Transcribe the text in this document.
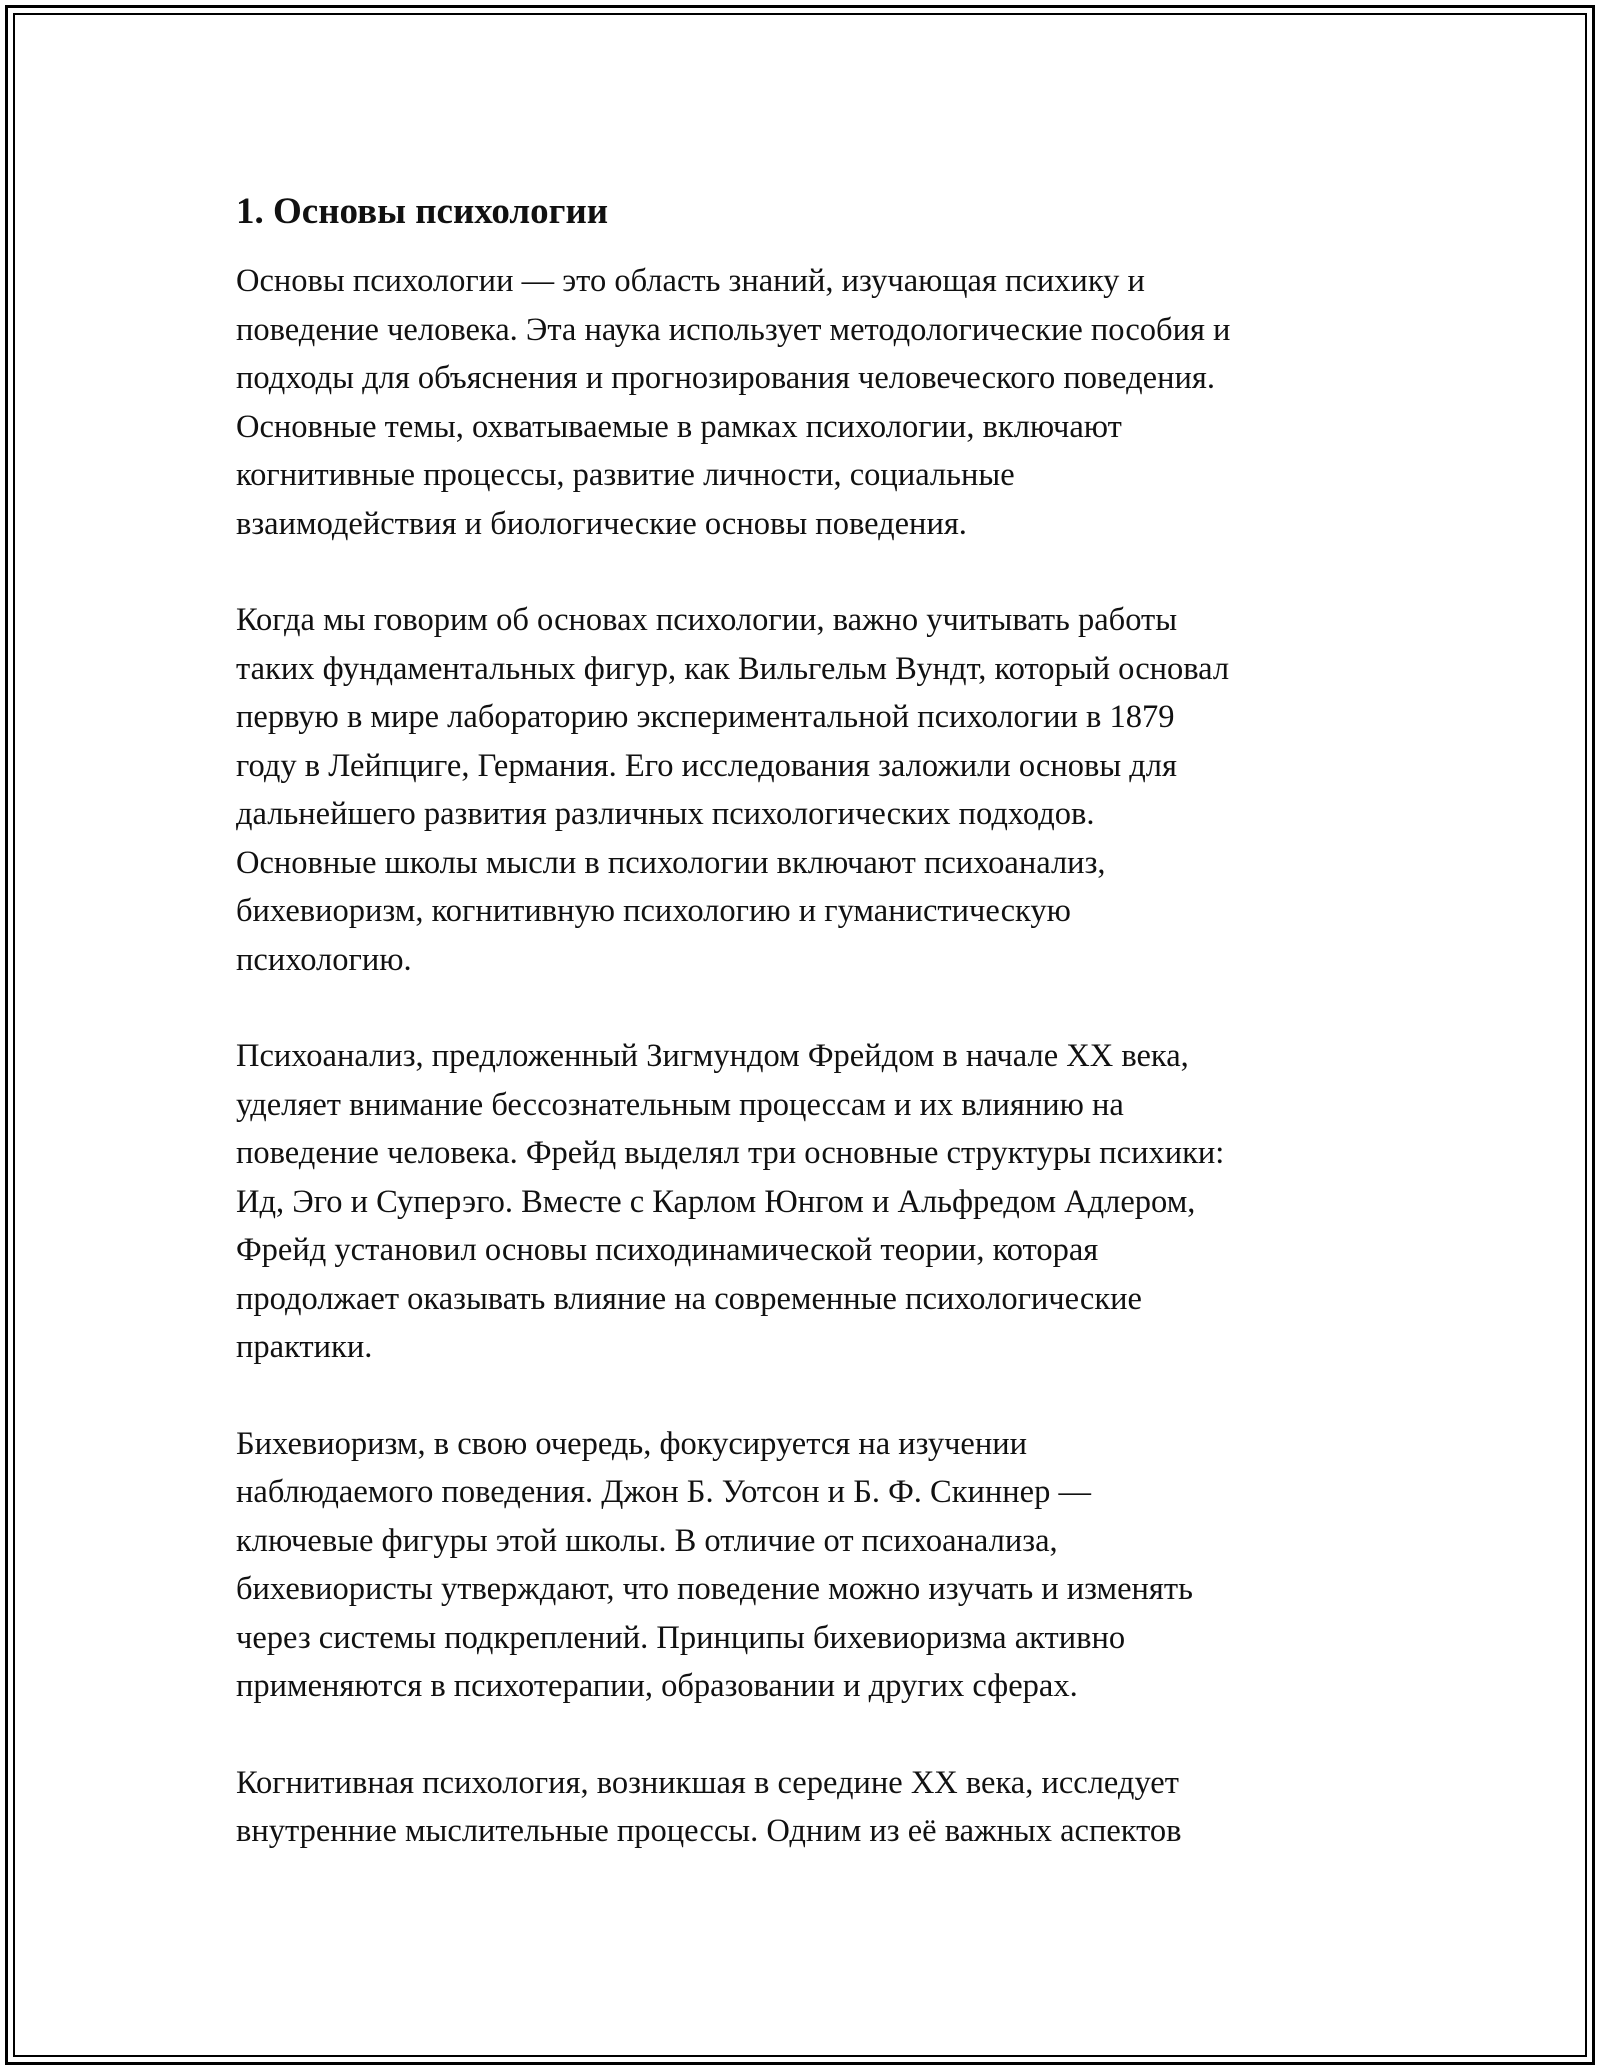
1. Основы психологии

Основы психологии — это область знаний, изучающая психику и
поведение человека. Эта наука использует методологические пособия и
подходы для объяснения и прогнозирования человеческого поведения.
Основные темы, охватываемые в рамках психологии, включают
когнитивные процессы, развитие личности, социальные
взаимодействия и биологические основы поведения.

Когда мы говорим об основах психологии, важно учитывать работы
таких фундаментальных фигур, как Вильгельм Вундт, который основал
первую в мире лабораторию экспериментальной психологии в 1879
году в Лейпциге, Германия. Его исследования заложили основы для
дальнейшего развития различных психологических подходов.
Основные школы мысли в психологии включают психоанализ,
бихевиоризм, когнитивную психологию и гуманистическую
психологию.

Психоанализ, предложенный Зигмундом Фрейдом в начале XX века,
уделяет внимание бессознательным процессам и их влиянию на
поведение человека. Фрейд выделял три основные структуры психики:
Ид, Эго и Суперэго. Вместе с Карлом Юнгом и Альфредом Адлером,
Фрейд установил основы психодинамической теории, которая
продолжает оказывать влияние на современные психологические
практики.

Бихевиоризм, в свою очередь, фокусируется на изучении
наблюдаемого поведения. Джон Б. Уотсон и Б. Ф. Скиннер —
ключевые фигуры этой школы. В отличие от психоанализа,
бихевиористы утверждают, что поведение можно изучать и изменять
через системы подкреплений. Принципы бихевиоризма активно
применяются в психотерапии, образовании и других сферах.

Когнитивная психология, возникшая в середине XX века, исследует
внутренние мыслительные процессы. Одним из её важных аспектов
